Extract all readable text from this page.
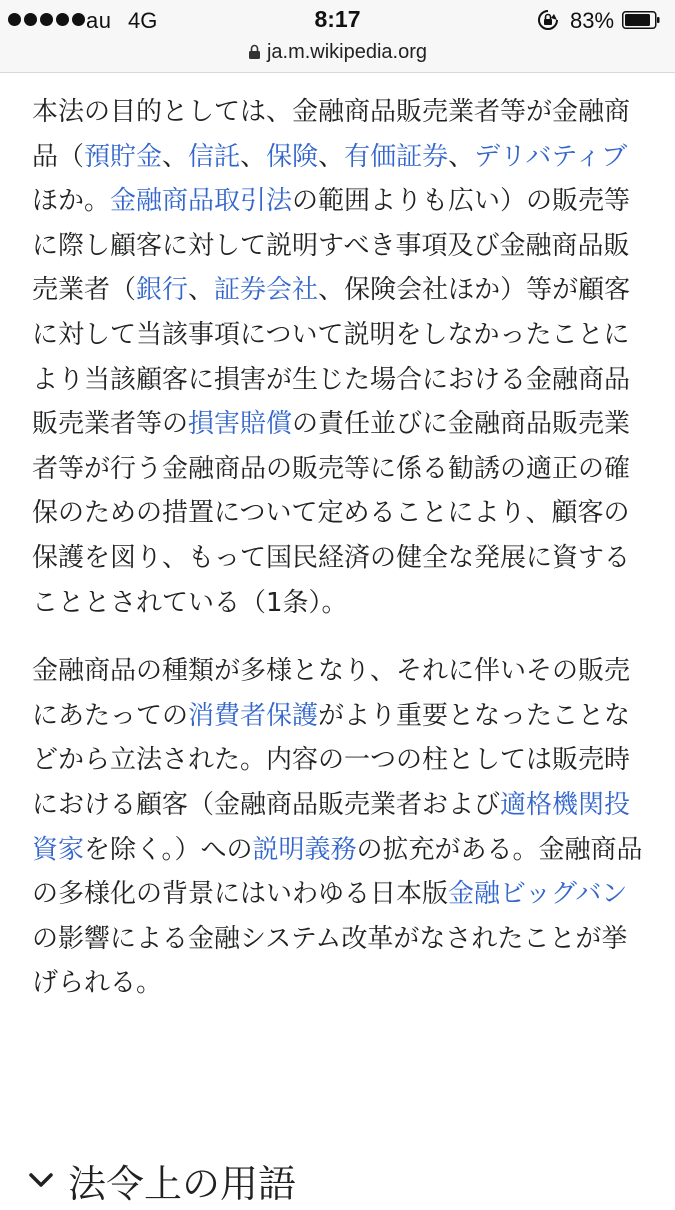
au 4G	8:17	83%
ja.m.wikipedia.org

本法の目的としては、金融商品販売業者等が金融商品（預貯金、信託、保険、有価証券、デリバティブほか。金融商品取引法の範囲よりも広い）の販売等に際し顧客に対して説明すべき事項及び金融商品販売業者（銀行、証券会社、保険会社ほか）等が顧客に対して当該事項について説明をしなかったことにより当該顧客に損害が生じた場合における金融商品販売業者等の損害賠償の責任並びに金融商品販売業者等が行う金融商品の販売等に係る勧誘の適正の確保のための措置について定めることにより、顧客の保護を図り、もって国民経済の健全な発展に資することとされている（1条）。

金融商品の種類が多様となり、それに伴いその販売にあたっての消費者保護がより重要となったことなどから立法された。内容の一つの柱としては販売時における顧客（金融商品販売業者および適格機関投資家を除く。）への説明義務の拡充がある。金融商品の多様化の背景にはいわゆる日本版金融ビッグバン の影響による金融システム改革がなされたことが挙げられる。

法令上の用語
